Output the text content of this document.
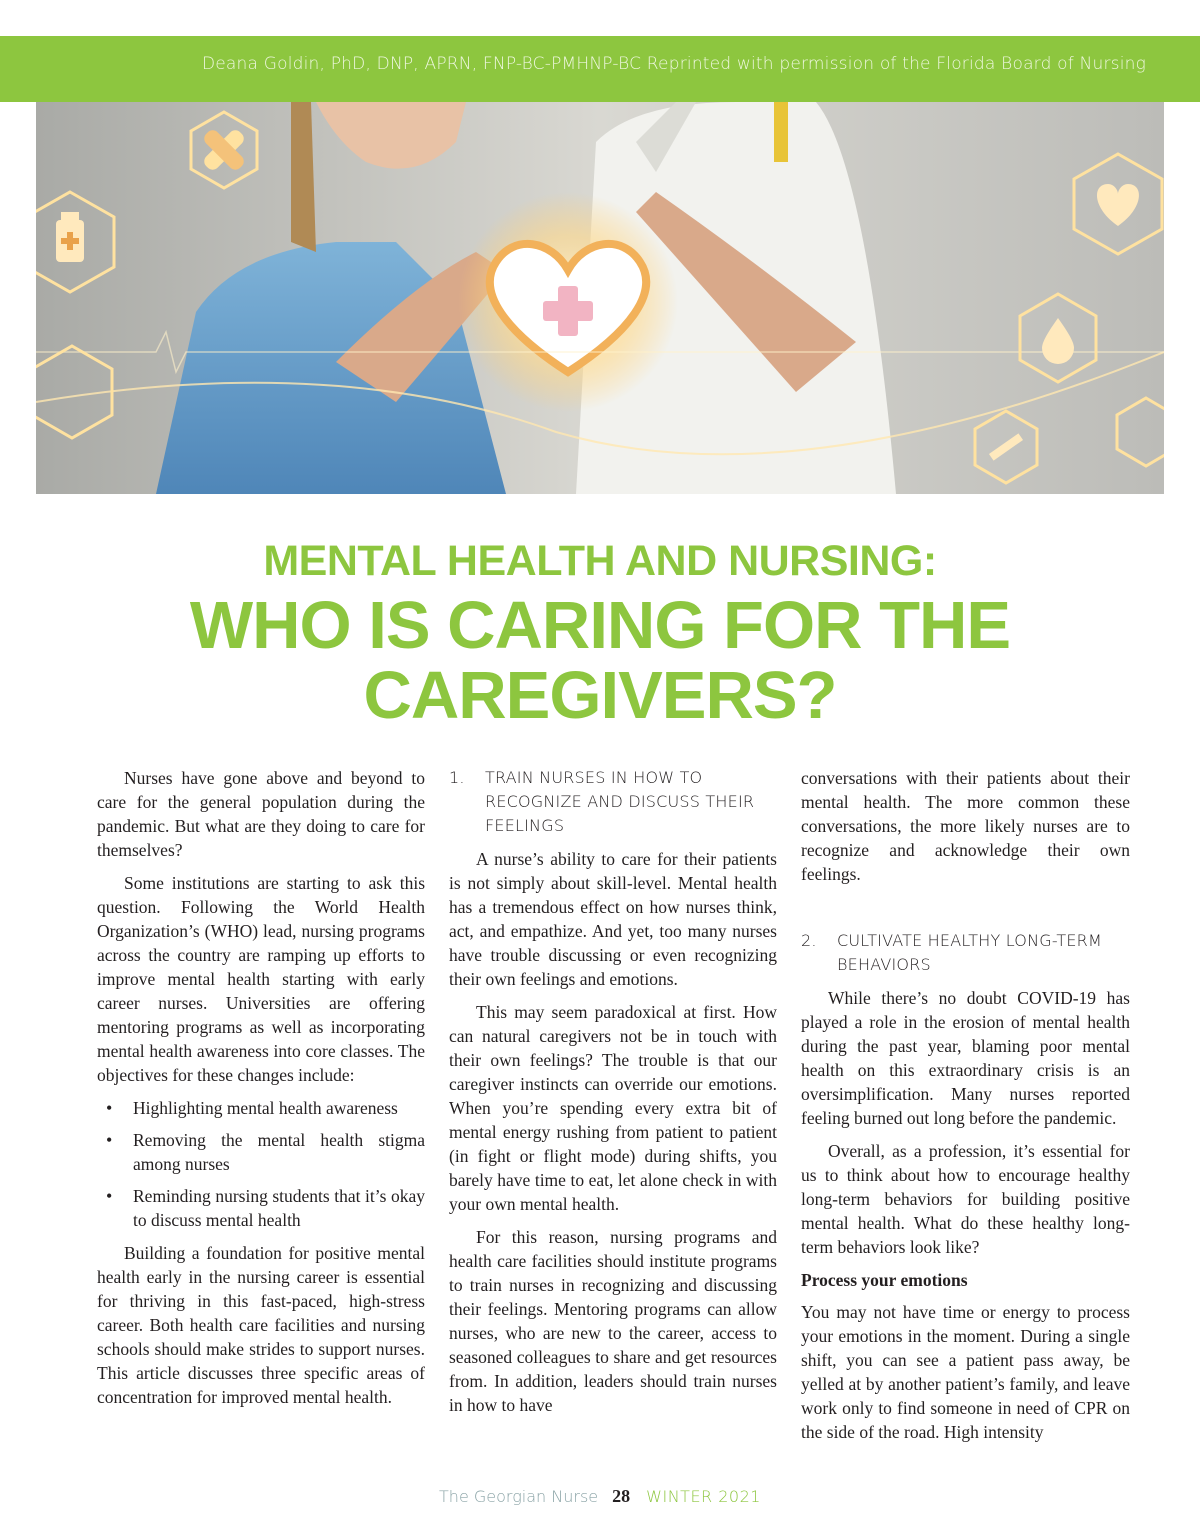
Deana Goldin, PhD, DNP, APRN, FNP-BC-PMHNP-BC Reprinted with permission of the Florida Board of Nursing
MENTAL HEALTH AND NURSING:
WHO IS CARING FOR THE CAREGIVERS?

Nurses have gone above and beyond to care for the general population during the pandemic. But what are they doing to care for themselves?

Some institutions are starting to ask this question. Following the World Health Organization’s (WHO) lead, nursing programs across the country are ramping up efforts to improve mental health starting with early career nurses. Universities are offering mentoring programs as well as incorporating mental health awareness into core classes. The objectives for these changes include:

• Highlighting mental health awareness
• Removing the mental health stigma among nurses
• Reminding nursing students that it’s okay to discuss mental health

Building a foundation for positive mental health early in the nursing career is essential for thriving in this fast-paced, high-stress career. Both health care facilities and nursing schools should make strides to support nurses. This article discusses three specific areas of concentration for improved mental health.

1. TRAIN NURSES IN HOW TO RECOGNIZE AND DISCUSS THEIR FEELINGS

A nurse’s ability to care for their patients is not simply about skill-level. Mental health has a tremendous effect on how nurses think, act, and empathize. And yet, too many nurses have trouble discussing or even recognizing their own feelings and emotions.

This may seem paradoxical at first. How can natural caregivers not be in touch with their own feelings? The trouble is that our caregiver instincts can override our emotions. When you’re spending every extra bit of mental energy rushing from patient to patient (in fight or flight mode) during shifts, you barely have time to eat, let alone check in with your own mental health.

For this reason, nursing programs and health care facilities should institute programs to train nurses in recognizing and discussing their feelings. Mentoring programs can allow nurses, who are new to the career, access to seasoned colleagues to share and get resources from. In addition, leaders should train nurses in how to have

conversations with their patients about their mental health. The more common these conversations, the more likely nurses are to recognize and acknowledge their own feelings.

2. CULTIVATE HEALTHY LONG-TERM BEHAVIORS

While there’s no doubt COVID-19 has played a role in the erosion of mental health during the past year, blaming poor mental health on this extraordinary crisis is an oversimplification. Many nurses reported feeling burned out long before the pandemic.

Overall, as a profession, it’s essential for us to think about how to encourage healthy long-term behaviors for building positive mental health. What do these healthy long-term behaviors look like?

Process your emotions

You may not have time or energy to process your emotions in the moment. During a single shift, you can see a patient pass away, be yelled at by another patient’s family, and leave work only to find someone in need of CPR on the side of the road. High intensity

The Georgian Nurse 28 WINTER 2021
